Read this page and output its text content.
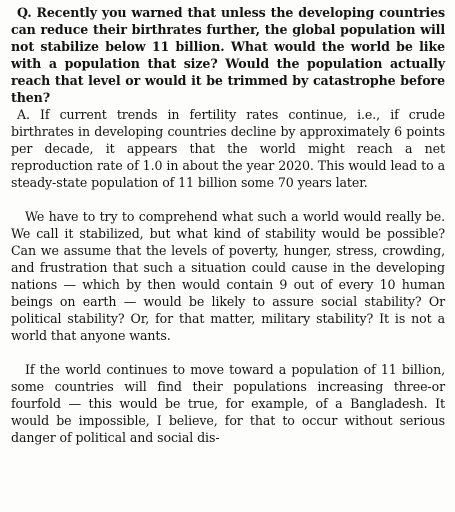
Q. Recently you warned that unless the developing countries can reduce their birthrates further, the global population will not stabilize below 11 billion. What would the world be like with a population that size? Would the population actually reach that level or would it be trimmed by catastrophe before then?

A. If current trends in fertility rates continue, i.e., if crude birthrates in developing countries decline by approximately 6 points per decade, it appears that the world might reach a net reproduction rate of 1.0 in about the year 2020. This would lead to a steady-state population of 11 billion some 70 years later.

We have to try to comprehend what such a world would really be. We call it stabilized, but what kind of stability would be possible? Can we assume that the levels of poverty, hunger, stress, crowding, and frustration that such a situation could cause in the developing nations — which by then would contain 9 out of every 10 human beings on earth — would be likely to assure social stability? Or political stability? Or, for that matter, military stability? It is not a world that anyone wants.

If the world continues to move toward a population of 11 billion, some countries will find their populations increasing three-or fourfold — this would be true, for example, of a Bangladesh. It would be impossible, I believe, for that to occur without serious danger of political and social dis-
